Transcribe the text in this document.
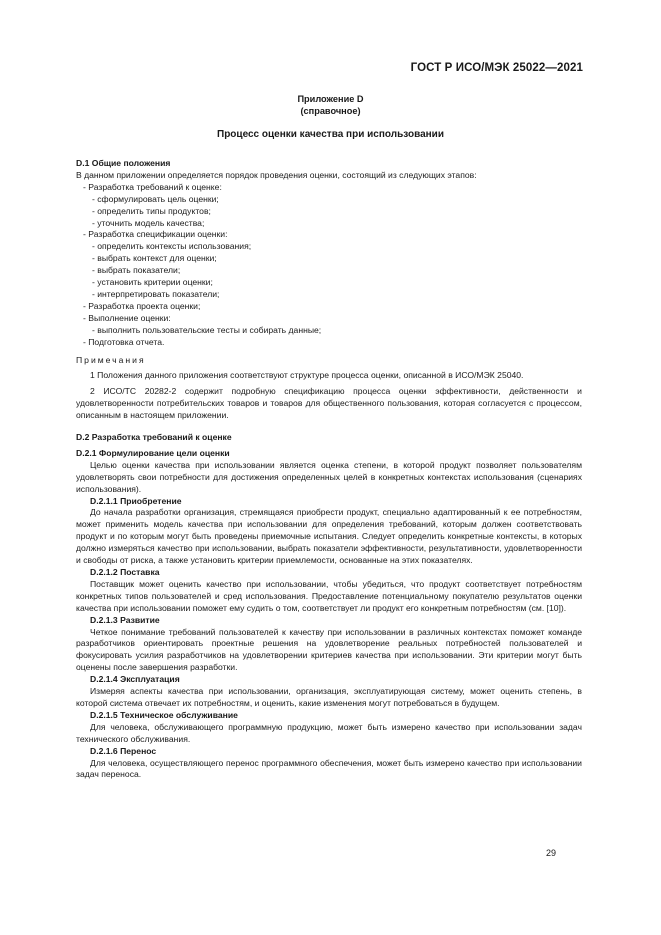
ГОСТ Р ИСО/МЭК 25022—2021
Приложение D
(справочное)
Процесс оценки качества при использовании

D.1 Общие положения

В данном приложении определяется порядок проведения оценки, состоящий из следующих этапов:

- Разработка требований к оценке:

- сформулировать цель оценки;

- определить типы продуктов;

- уточнить модель качества;

- Разработка спецификации оценки:

- определить контексты использования;

- выбрать контекст для оценки;

- выбрать показатели;

- установить критерии оценки;

- интерпретировать показатели;

- Разработка проекта оценки;

- Выполнение оценки:

- выполнить пользовательские тесты и собирать данные;

- Подготовка отчета.

Примечания

1 Положения данного приложения соответствуют структуре процесса оценки, описанной в ИСО/МЭК 25040.

2 ИСО/ТС 20282-2 содержит подробную спецификацию процесса оценки эффективности, действенности и удовлетворенности потребительских товаров и товаров для общественного пользования, которая согласуется с процессом, описанным в настоящем приложении.

D.2 Разработка требований к оценке

D.2.1 Формулирование цели оценки

Целью оценки качества при использовании является оценка степени, в которой продукт позволяет пользователям удовлетворять свои потребности для достижения определенных целей в конкретных контекстах использования (сценариях использования).

D.2.1.1 Приобретение

До начала разработки организация, стремящаяся приобрести продукт, специально адаптированный к ее потребностям, может применить модель качества при использовании для определения требований, которым должен соответствовать продукт и по которым могут быть проведены приемочные испытания. Следует определить конкретные контексты, в которых должно измеряться качество при использовании, выбрать показатели эффективности, результативности, удовлетворенности и свободы от риска, а также установить критерии приемлемости, основанные на этих показателях.

D.2.1.2 Поставка

Поставщик может оценить качество при использовании, чтобы убедиться, что продукт соответствует потребностям конкретных типов пользователей и сред использования. Предоставление потенциальному покупателю результатов оценки качества при использовании поможет ему судить о том, соответствует ли продукт его конкретным потребностям (см. [10]).

D.2.1.3 Развитие

Четкое понимание требований пользователей к качеству при использовании в различных контекстах поможет команде разработчиков ориентировать проектные решения на удовлетворение реальных потребностей пользователей и фокусировать усилия разработчиков на удовлетворении критериев качества при использовании. Эти критерии могут быть оценены после завершения разработки.

D.2.1.4 Эксплуатация

Измеряя аспекты качества при использовании, организация, эксплуатирующая систему, может оценить степень, в которой система отвечает их потребностям, и оценить, какие изменения могут потребоваться в будущем.

D.2.1.5 Техническое обслуживание

Для человека, обслуживающего программную продукцию, может быть измерено качество при использовании задач технического обслуживания.

D.2.1.6 Перенос

Для человека, осуществляющего перенос программного обеспечения, может быть измерено качество при использовании задач переноса.

29
